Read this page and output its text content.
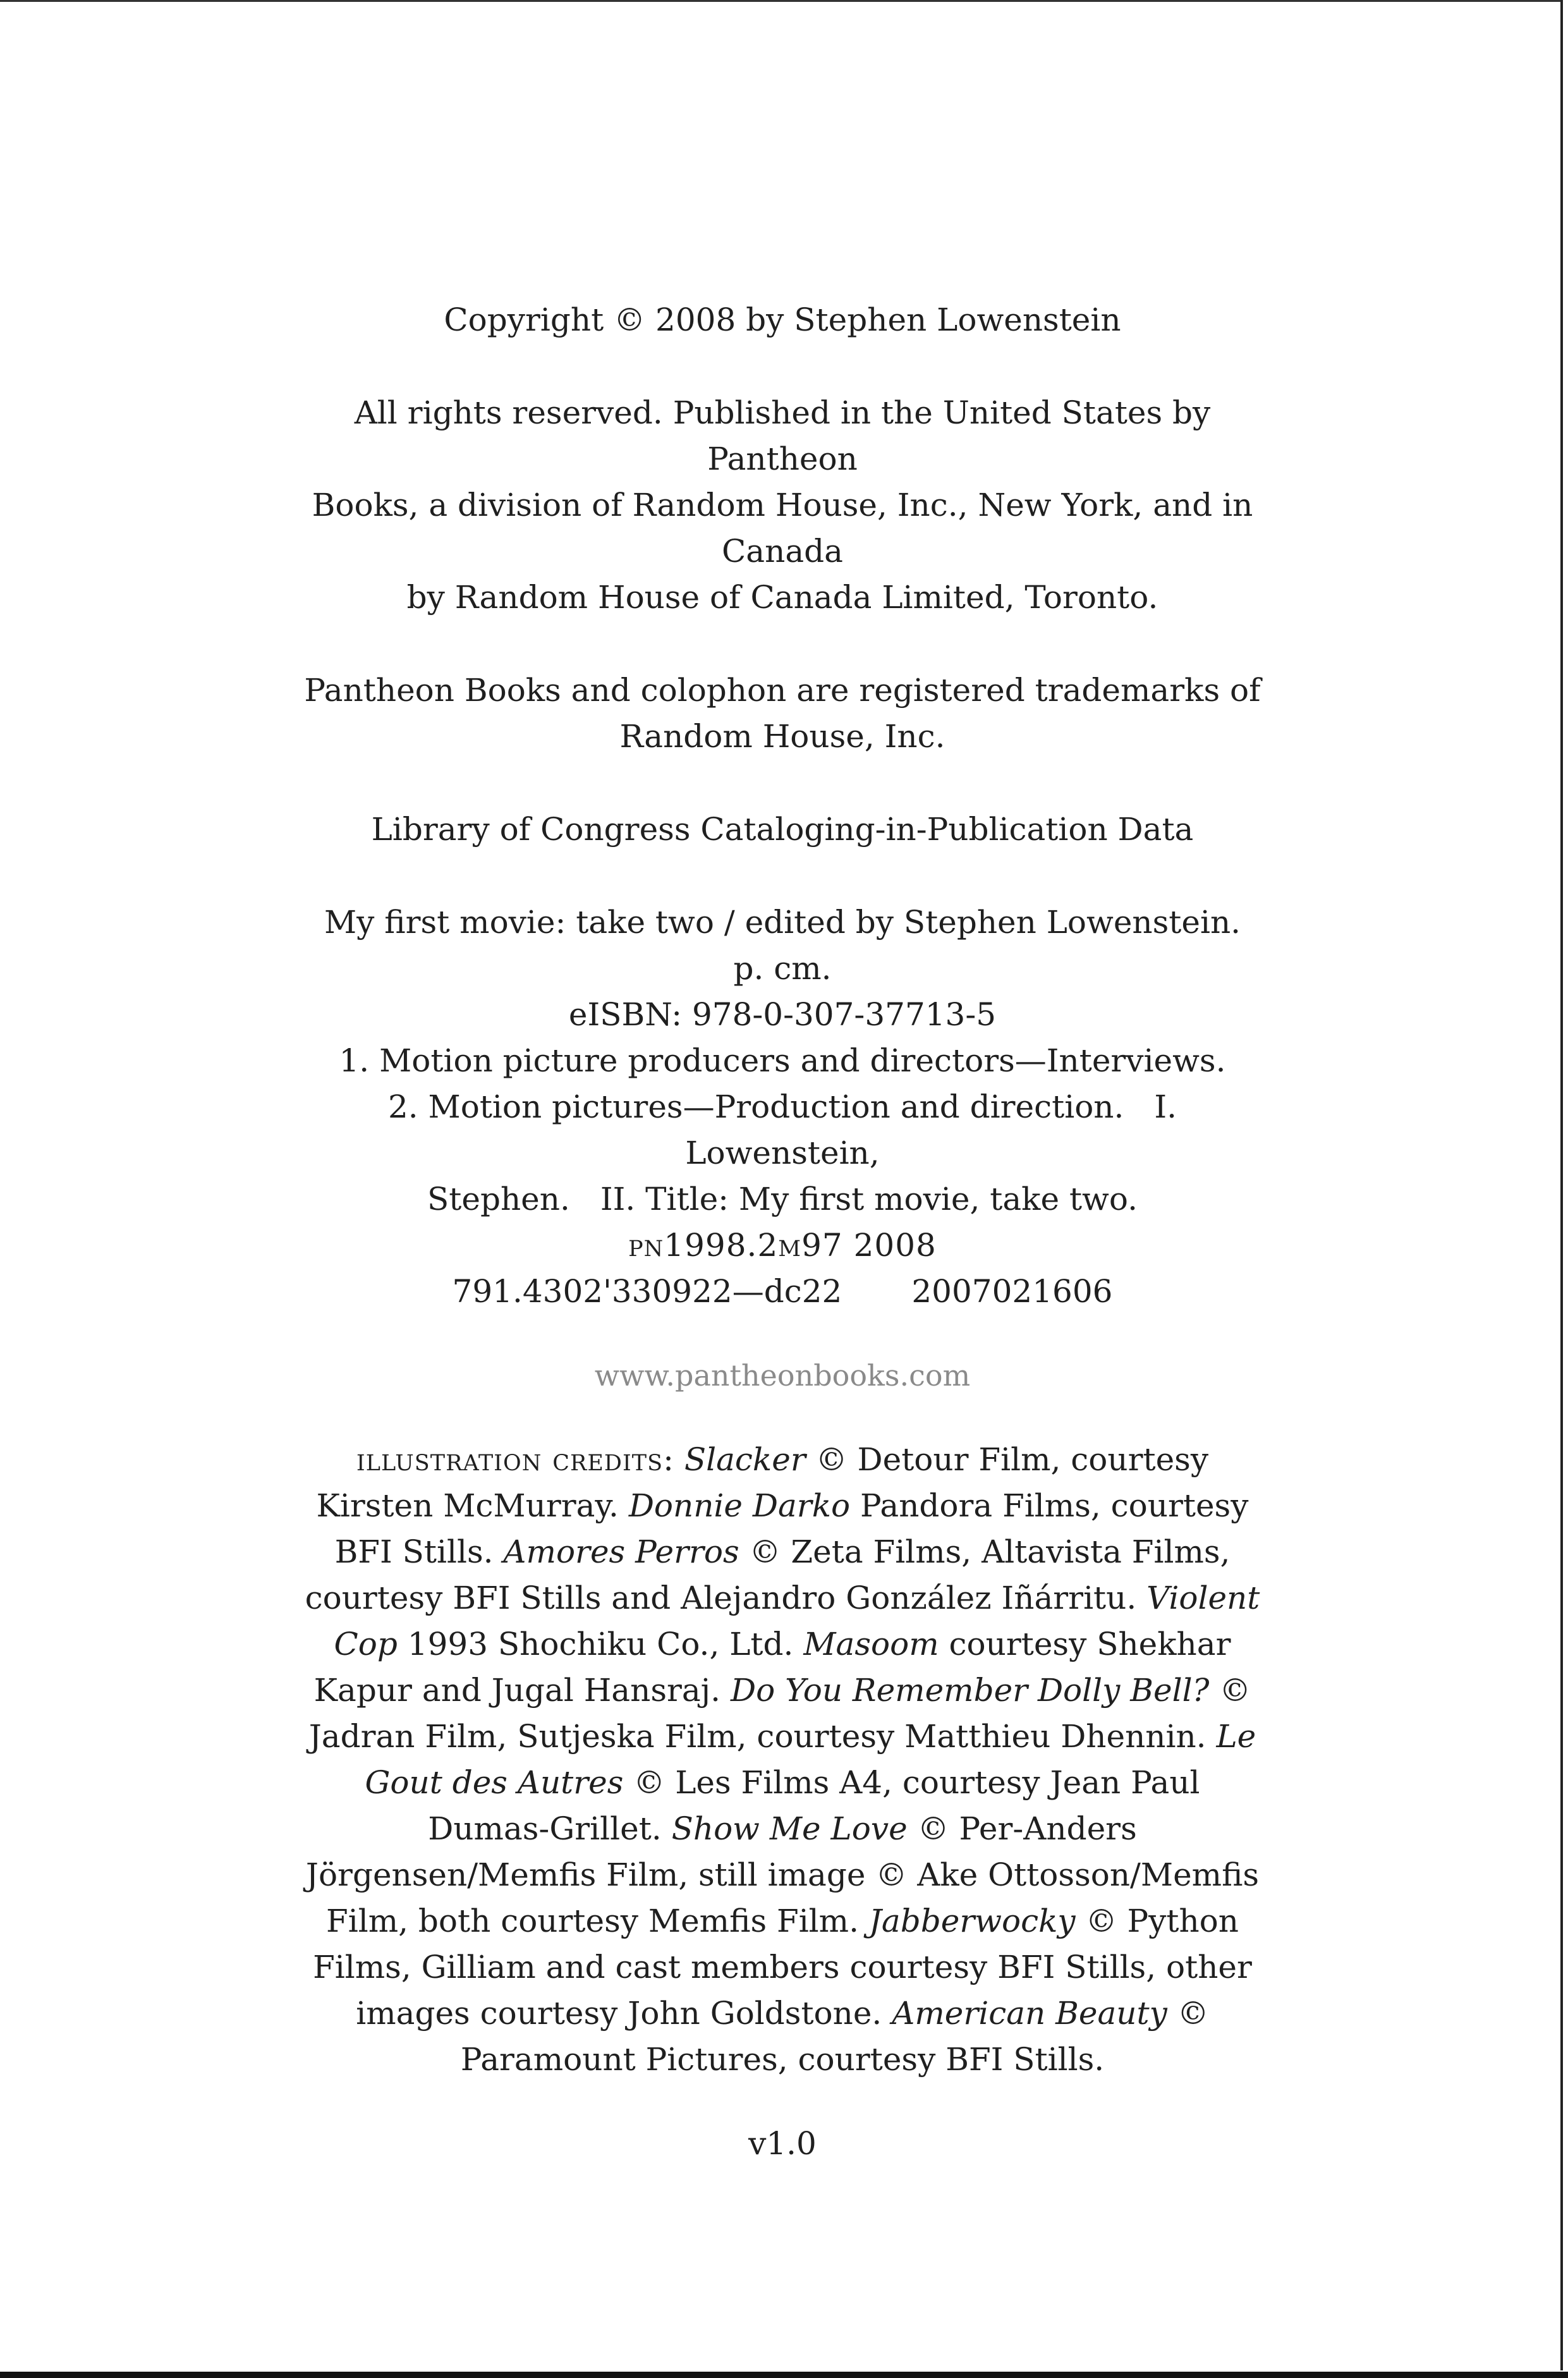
Copyright © 2008 by Stephen Lowenstein

All rights reserved. Published in the United States by Pantheon
Books, a division of Random House, Inc., New York, and in Canada
by Random House of Canada Limited, Toronto.
Pantheon Books and colophon are registered trademarks of
Random House, Inc.

Library of Congress Cataloging-in-Publication Data

My first movie: take two / edited by Stephen Lowenstein.
p. cm.
eISBN: 978-0-307-37713-5
1. Motion picture producers and directors—Interviews.
2. Motion pictures—Production and direction. I. Lowenstein,
Stephen. II. Title: My first movie, take two.
pn1998.2m97 2008
791.4302'330922—dc22 2007021606

www.pantheonbooks.com

illustration credits: Slacker © Detour Film, courtesy Kirsten McMurray. Donnie Darko Pandora Films, courtesy BFI Stills. Amores Perros © Zeta Films, Altavista Films, courtesy BFI Stills and Alejandro González Iñárritu. Violent Cop 1993 Shochiku Co., Ltd. Masoom courtesy Shekhar Kapur and Jugal Hansraj. Do You Remember Dolly Bell? © Jadran Film, Sutjeska Film, courtesy Matthieu Dhennin. Le Gout des Autres © Les Films A4, courtesy Jean Paul Dumas-Grillet. Show Me Love © Per-Anders Jörgensen/Memfis Film, still image © Ake Ottosson/Memfis Film, both courtesy Memfis Film. Jabberwocky © Python Films, Gilliam and cast members courtesy BFI Stills, other images courtesy John Goldstone. American Beauty © Paramount Pictures, courtesy BFI Stills.

v1.0
